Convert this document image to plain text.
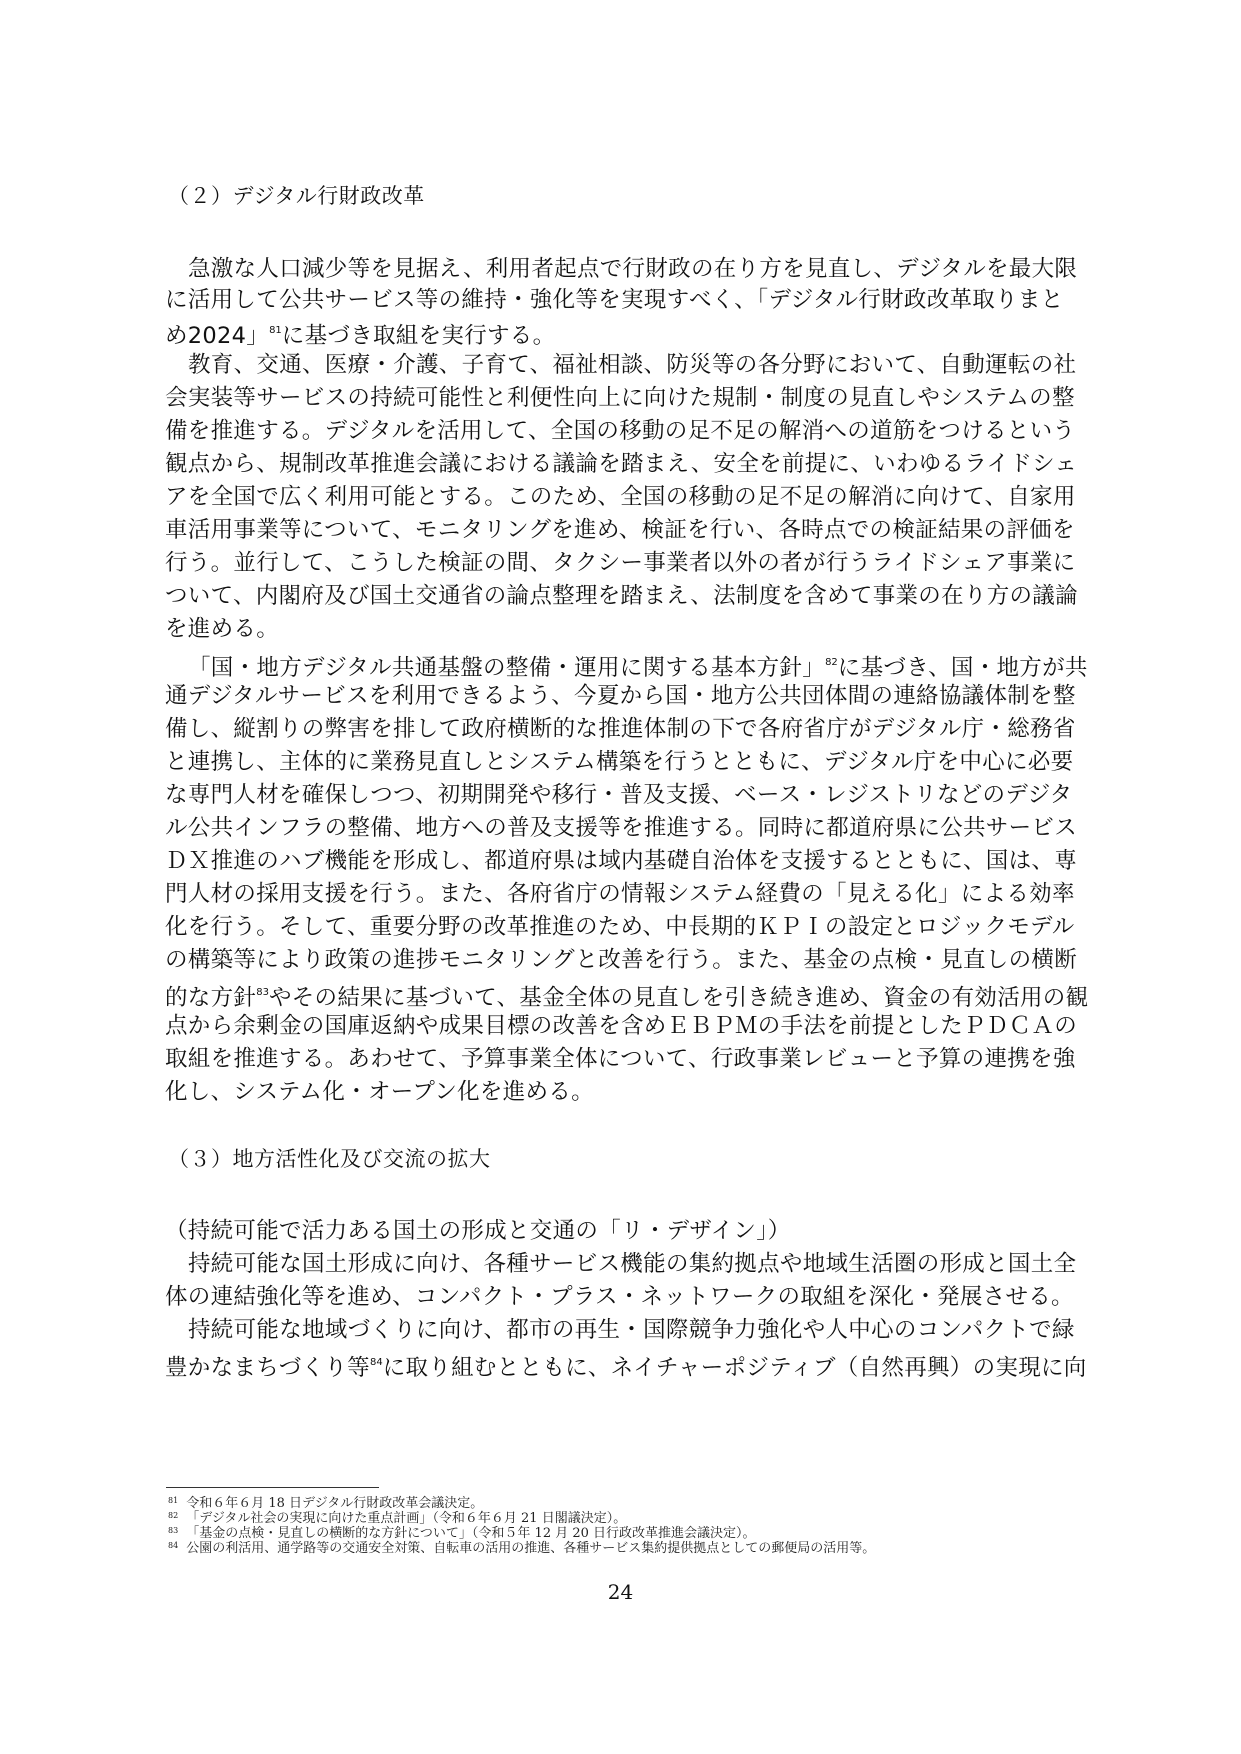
（２）デジタル行財政改革
急激な人口減少等を見据え、利用者起点で行財政の在り方を見直し、デジタルを最大限
に活用して公共サービス等の維持・強化等を実現すべく、「デジタル行財政改革取りまと
め2024」$^{81}$に基づき取組を実行する。
教育、交通、医療・介護、子育て、福祉相談、防災等の各分野において、自動運転の社
会実装等サービスの持続可能性と利便性向上に向けた規制・制度の見直しやシステムの整
備を推進する。デジタルを活用して、全国の移動の足不足の解消への道筋をつけるという
観点から、規制改革推進会議における議論を踏まえ、安全を前提に、いわゆるライドシェ
アを全国で広く利用可能とする。このため、全国の移動の足不足の解消に向けて、自家用
車活用事業等について、モニタリングを進め、検証を行い、各時点での検証結果の評価を
行う。並行して、こうした検証の間、タクシー事業者以外の者が行うライドシェア事業に
ついて、内閣府及び国土交通省の論点整理を踏まえ、法制度を含めて事業の在り方の議論
を進める。
「国・地方デジタル共通基盤の整備・運用に関する基本方針」$^{82}$に基づき、国・地方が共
通デジタルサービスを利用できるよう、今夏から国・地方公共団体間の連絡協議体制を整
備し、縦割りの弊害を排して政府横断的な推進体制の下で各府省庁がデジタル庁・総務省
と連携し、主体的に業務見直しとシステム構築を行うとともに、デジタル庁を中心に必要
な専門人材を確保しつつ、初期開発や移行・普及支援、ベース・レジストリなどのデジタ
ル公共インフラの整備、地方への普及支援等を推進する。同時に都道府県に公共サービス
ＤＸ推進のハブ機能を形成し、都道府県は域内基礎自治体を支援するとともに、国は、専
門人材の採用支援を行う。また、各府省庁の情報システム経費の「見える化」による効率
化を行う。そして、重要分野の改革推進のため、中長期的ＫＰＩの設定とロジックモデル
の構築等により政策の進捗モニタリングと改善を行う。また、基金の点検・見直しの横断
的な方針$^{83}$やその結果に基づいて、基金全体の見直しを引き続き進め、資金の有効活用の観
点から余剰金の国庫返納や成果目標の改善を含めＥＢＰＭの手法を前提としたＰＤＣＡの
取組を推進する。あわせて、予算事業全体について、行政事業レビューと予算の連携を強
化し、システム化・オープン化を進める。
（３）地方活性化及び交流の拡大
（持続可能で活力ある国土の形成と交通の「リ・デザイン」）
持続可能な国土形成に向け、各種サービス機能の集約拠点や地域生活圏の形成と国土全
体の連結強化等を進め、コンパクト・プラス・ネットワークの取組を深化・発展させる。
持続可能な地域づくりに向け、都市の再生・国際競争力強化や人中心のコンパクトで緑
豊かなまちづくり等$^{84}$に取り組むとともに、ネイチャーポジティブ（自然再興）の実現に向
$^{81}$ 令和６年６月 18 日デジタル行財政改革会議決定。
$^{82}$ 「デジタル社会の実現に向けた重点計画」（令和６年６月 21 日閣議決定）。
$^{83}$ 「基金の点検・見直しの横断的な方針について」（令和５年 12 月 20 日行政改革推進会議決定）。
$^{84}$ 公園の利活用、通学路等の交通安全対策、自転車の活用の推進、各種サービス集約提供拠点としての郵便局の活用等。
24
